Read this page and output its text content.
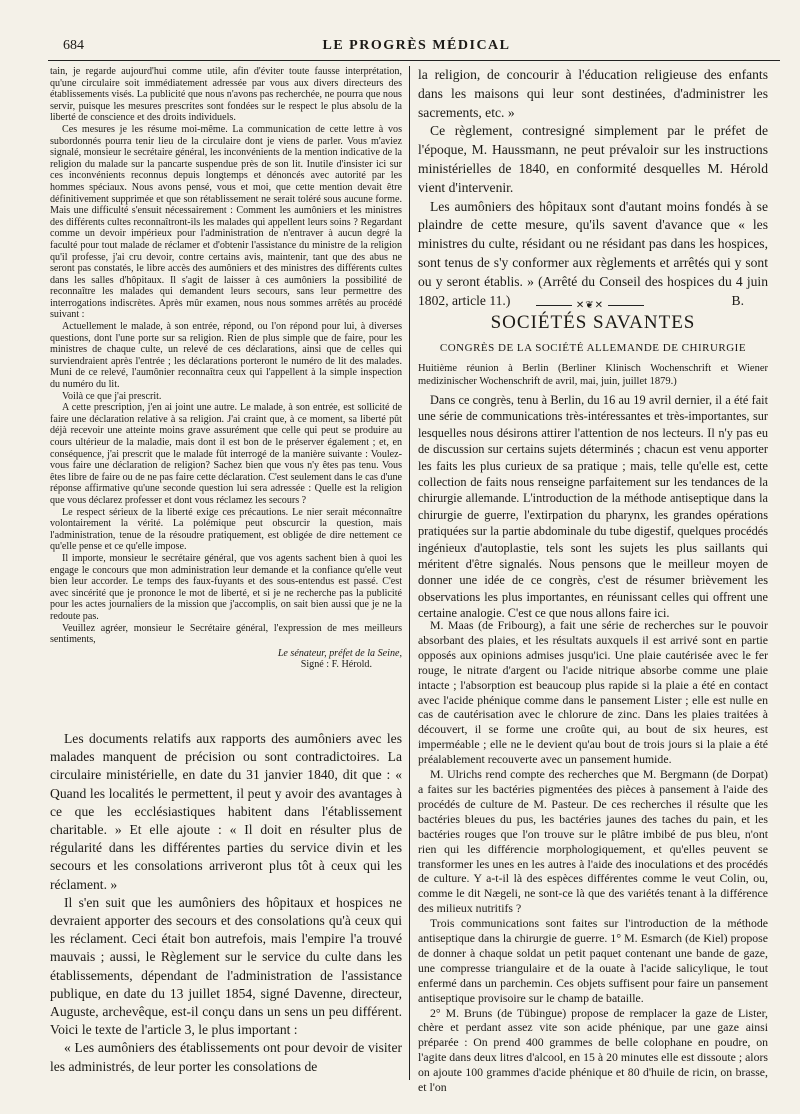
684	LE PROGRÈS MÉDICAL

tain, je regarde aujourd'hui comme utile, afin d'éviter toute fausse interprétation, qu'une circulaire soit immédiatement adressée par vous aux divers directeurs des établissements visés. La publicité que nous n'avons pas recherchée, ne pourra que nous servir, puisque les mesures prescrites sont fondées sur le respect le plus absolu de la liberté de conscience et des droits individuels.

Ces mesures je les résume moi-même. La communication de cette lettre à vos subordonnés pourra tenir lieu de la circulaire dont je viens de parler. Vous m'aviez signalé, monsieur le secrétaire général, les inconvénients de la mention indicative de la religion du malade sur la pancarte suspendue près de son lit. Inutile d'insister ici sur ces inconvénients reconnus depuis longtemps et dénoncés avec autorité par les hommes spéciaux. Nous avons pensé, vous et moi, que cette mention devait être définitivement supprimée et que son rétablissement ne serait toléré sous aucune forme. Mais une difficulté s'ensuit nécessairement : Comment les aumôniers et les ministres des différents cultes reconnaîtront-ils les malades qui appellent leurs soins ? Regardant comme un devoir impérieux pour l'administration de n'entraver à aucun degré la faculté pour tout malade de réclamer et d'obtenir l'assistance du ministre de la religion qu'il professe, j'ai cru devoir, contre certains avis, maintenir, tant que des abus ne seront pas constatés, le libre accès des aumôniers et des ministres des différents cultes dans les salles d'hôpitaux. Il s'agit de laisser à ces aumôniers la possibilité de reconnaître les malades qui demandent leurs secours, sans leur permettre des interrogations indiscrètes. Après mûr examen, nous nous sommes arrêtés au procédé suivant :

Actuellement le malade, à son entrée, répond, ou l'on répond pour lui, à diverses questions, dont l'une porte sur sa religion. Rien de plus simple que de faire, pour les ministres de chaque culte, un relevé de ces déclarations, ainsi que de celles qui surviendraient après l'entrée ; les déclarations porteront le numéro de lit des malades. Muni de ce relevé, l'aumônier reconnaîtra ceux qui l'appellent à la simple inspection du numéro du lit.

Voilà ce que j'ai prescrit.

A cette prescription, j'en ai joint une autre. Le malade, à son entrée, est sollicité de faire une déclaration relative à sa religion. J'ai craint que, à ce moment, sa liberté pût déjà recevoir une atteinte moins grave assurément que celle qui peut se produire au cours ultérieur de la maladie, mais dont il est bon de le préserver également ; et, en conséquence, j'ai prescrit que le malade fût interrogé de la manière suivante : Voulez-vous faire une déclaration de religion? Sachez bien que vous n'y êtes pas tenu. Vous êtes libre de faire ou de ne pas faire cette déclaration. C'est seulement dans le cas d'une réponse affirmative qu'une seconde question lui sera adressée : Quelle est la religion que vous déclarez professer et dont vous réclamez les secours ?

Le respect sérieux de la liberté exige ces précautions. Le nier serait méconnaître volontairement la vérité. La polémique peut obscurcir la question, mais l'administration, tenue de la résoudre pratiquement, est obligée de dire nettement ce qu'elle pense et ce qu'elle impose.

Il importe, monsieur le secrétaire général, que vos agents sachent bien à quoi les engage le concours que mon administration leur demande et la confiance qu'elle veut bien leur accorder. Le temps des faux-fuyants et des sous-entendus est passé. C'est avec sincérité que je prononce le mot de liberté, et si je ne recherche pas la publicité pour les actes journaliers de la mission que j'accomplis, on sait bien aussi que je ne la redoute pas.

Veuillez agréer, monsieur le Secrétaire général, l'expression de mes meilleurs sentiments,

Le sénateur, préfet de la Seine,

Signé : F. Hérold.

Les documents relatifs aux rapports des aumôniers avec les malades manquent de précision ou sont contradictoires. La circulaire ministérielle, en date du 31 janvier 1840, dit que : « Quand les localités le permettent, il peut y avoir des avantages à ce que les ecclésiastiques habitent dans l'établissement charitable. » Et elle ajoute : « Il doit en résulter plus de régularité dans les différentes parties du service divin et les secours et les consolations arriveront plus tôt à ceux qui les réclament. »

Il s'en suit que les aumôniers des hôpitaux et hospices ne devraient apporter des secours et des consolations qu'à ceux qui les réclament. Ceci était bon autrefois, mais l'empire l'a trouvé mauvais ; aussi, le Règlement sur le service du culte dans les établissements, dépendant de l'administration de l'assistance publique, en date du 13 juillet 1854, signé Davenne, directeur, Auguste, archevêque, est-il conçu dans un sens un peu différent. Voici le texte de l'article 3, le plus important :

« Les aumôniers des établissements ont pour devoir de visiter les administrés, de leur porter les consolations de

la religion, de concourir à l'éducation religieuse des enfants dans les maisons qui leur sont destinées, d'administrer les sacrements, etc. »

Ce règlement, contresigné simplement par le préfet de l'époque, M. Haussmann, ne peut prévaloir sur les instructions ministérielles de 1840, en conformité desquelles M. Hérold vient d'intervenir.

Les aumôniers des hôpitaux sont d'autant moins fondés à se plaindre de cette mesure, qu'ils savent d'avance que « les ministres du culte, résidant ou ne résidant pas dans les hospices, sont tenus de s'y conformer aux règlements et arrêtés qui y sont ou y seront établis. » (Arrêté du Conseil des hospices du 4 juin 1802, article 11.)	B.

✕❦✕
SOCIÉTÉS SAVANTES
CONGRÈS DE LA SOCIÉTÉ ALLEMANDE DE CHIRURGIE

Huitième réunion à Berlin (Berliner Klinisch Wochenschrift et Wiener medizinischer Wochenschrift de avril, mai, juin, juillet 1879.)

Dans ce congrès, tenu à Berlin, du 16 au 19 avril dernier, il a été fait une série de communications très-intéressantes et très-importantes, sur lesquelles nous désirons attirer l'attention de nos lecteurs. Il n'y pas eu de discussion sur certains sujets déterminés ; chacun est venu apporter les faits les plus curieux de sa pratique ; mais, telle qu'elle est, cette collection de faits nous renseigne parfaitement sur les tendances de la chirurgie allemande. L'introduction de la méthode antiseptique dans la chirurgie de guerre, l'extirpation du pharynx, les grandes opérations pratiquées sur la partie abdominale du tube digestif, quelques procédés ingénieux d'autoplastie, tels sont les sujets les plus saillants qui méritent d'être signalés. Nous pensons que le meilleur moyen de donner une idée de ce congrès, c'est de résumer brièvement les observations les plus importantes, en réunissant celles qui offrent une certaine analogie. C'est ce que nous allons faire ici.

M. Maas (de Fribourg), a fait une série de recherches sur le pouvoir absorbant des plaies, et les résultats auxquels il est arrivé sont en partie opposés aux opinions admises jusqu'ici. Une plaie cautérisée avec le fer rouge, le nitrate d'argent ou l'acide nitrique absorbe comme une plaie intacte ; l'absorption est beaucoup plus rapide si la plaie a été en contact avec l'acide phénique comme dans le pansement Lister ; elle est nulle en cas de cautérisation avec le chlorure de zinc. Dans les plaies traitées à découvert, il se forme une croûte qui, au bout de six heures, est imperméable ; elle ne le devient qu'au bout de trois jours si la plaie a été préalablement recouverte avec un pansement humide.

M. Ulrichs rend compte des recherches que M. Bergmann (de Dorpat) a faites sur les bactéries pigmentées des pièces à pansement à l'aide des procédés de culture de M. Pasteur. De ces recherches il résulte que les bactéries bleues du pus, les bactéries jaunes des taches du pain, et les bactéries rouges que l'on trouve sur le plâtre imbibé de pus bleu, n'ont rien qui les différencie morphologiquement, et qu'elles peuvent se transformer les unes en les autres à l'aide des inoculations et des procédés de culture. Y a-t-il là des espèces différentes comme le veut Colin, ou, comme le dit Nægeli, ne sont-ce là que des variétés tenant à la différence des milieux nutritifs ?

Trois communications sont faites sur l'introduction de la méthode antiseptique dans la chirurgie de guerre. 1° M. Esmarch (de Kiel) propose de donner à chaque soldat un petit paquet contenant une bande de gaze, une compresse triangulaire et de la ouate à l'acide salicylique, le tout enfermé dans un parchemin. Ces objets suffisent pour faire un pansement antiseptique provisoire sur le champ de bataille.

2° M. Bruns (de Tübingue) propose de remplacer la gaze de Lister, chère et perdant assez vite son acide phénique, par une gaze ainsi préparée : On prend 400 grammes de belle colophane en poudre, on l'agite dans deux litres d'alcool, en 15 à 20 minutes elle est dissoute ; alors on ajoute 100 grammes d'acide phénique et 80 d'huile de ricin, on brasse, et l'on
